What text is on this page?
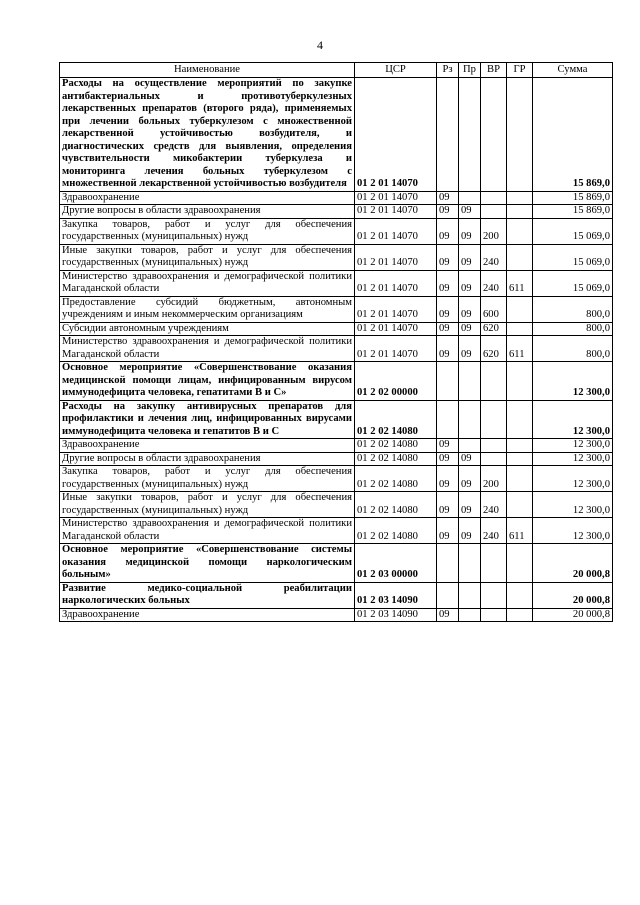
4
Наименование	ЦСР	Рз	Пр	ВР	ГР	Сумма
Расходы на осуществление мероприятий по закупке антибактериальных и противотуберкулезных лекарственных препаратов (второго ряда), применяемых при лечении больных туберкулезом с множественной лекарственной устойчивостью возбудителя, и диагностических средств для выявления, определения чувствительности микобактерии туберкулеза и мониторинга лечения больных туберкулезом с множественной лекарственной устойчивостью возбудителя	01 2 01 14070					15 869,0
Здравоохранение	01 2 01 14070	09				15 869,0
Другие вопросы в области здравоохранения	01 2 01 14070	09	09			15 869,0
Закупка товаров, работ и услуг для обеспечения государственных (муниципальных) нужд	01 2 01 14070	09	09	200		15 069,0
Иные закупки товаров, работ и услуг для обеспечения государственных (муниципальных) нужд	01 2 01 14070	09	09	240		15 069,0
Министерство здравоохранения и демографической политики Магаданской области	01 2 01 14070	09	09	240	611	15 069,0
Предоставление субсидий бюджетным, автономным учреждениям и иным некоммерческим организациям	01 2 01 14070	09	09	600		800,0
Субсидии автономным учреждениям	01 2 01 14070	09	09	620		800,0
Министерство здравоохранения и демографической политики Магаданской области	01 2 01 14070	09	09	620	611	800,0
Основное мероприятие «Совершенствование оказания медицинской помощи лицам, инфицированным вирусом иммунодефицита человека, гепатитами В и С»	01 2 02 00000					12 300,0
Расходы на закупку антивирусных препаратов для профилактики и лечения лиц, инфицированных вирусами иммунодефицита человека и гепатитов В и С	01 2 02 14080					12 300,0
Здравоохранение	01 2 02 14080	09				12 300,0
Другие вопросы в области здравоохранения	01 2 02 14080	09	09			12 300,0
Закупка товаров, работ и услуг для обеспечения государственных (муниципальных) нужд	01 2 02 14080	09	09	200		12 300,0
Иные закупки товаров, работ и услуг для обеспечения государственных (муниципальных) нужд	01 2 02 14080	09	09	240		12 300,0
Министерство здравоохранения и демографической политики Магаданской области	01 2 02 14080	09	09	240	611	12 300,0
Основное мероприятие «Совершенствование системы оказания медицинской помощи наркологическим больным»	01 2 03 00000					20 000,8
Развитие медико-социальной реабилитации наркологических больных	01 2 03 14090					20 000,8
Здравоохранение	01 2 03 14090	09				20 000,8
